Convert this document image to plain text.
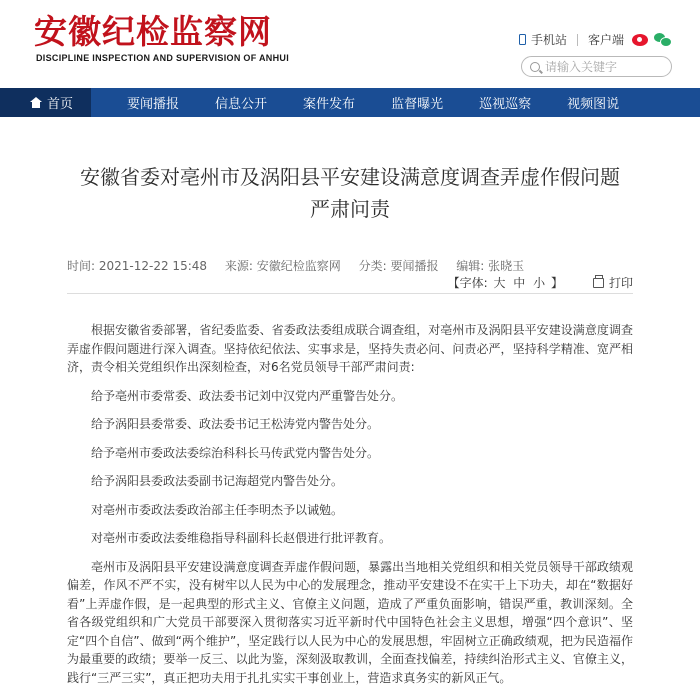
安徽纪检监察网
DISCIPLINE INSPECTION AND SUPERVISION OF ANHUI
手机站 客户端
请输入关键字
首页	要闻播报	信息公开	案件发布	监督曝光	巡视巡察	视频图说
安徽省委对亳州市及涡阳县平安建设满意度调查弄虚作假问题
严肃问责
时间: 2021-12-22 15:48 来源: 安徽纪检监察网 分类: 要闻播报 编辑: 张晓玉
【字体: 大 中 小 】	打印

根据安徽省委部署，省纪委监委、省委政法委组成联合调查组，对亳州市及涡阳县平安建设满意度调查弄虚作假问题进行深入调查。坚持依纪依法、实事求是，坚持失责必问、问责必严，坚持科学精准、宽严相济，责令相关党组织作出深刻检查，对6名党员领导干部严肃问责:

给予亳州市委常委、政法委书记刘中汉党内严重警告处分。

给予涡阳县委常委、政法委书记王松涛党内警告处分。

给予亳州市委政法委综治科科长马传武党内警告处分。

给予涡阳县委政法委副书记海超党内警告处分。

对亳州市委政法委政治部主任李明杰予以诫勉。

对亳州市委政法委维稳指导科副科长赵偎进行批评教育。

亳州市及涡阳县平安建设满意度调查弄虚作假问题，暴露出当地相关党组织和相关党员领导干部政绩观偏差，作风不严不实，没有树牢以人民为中心的发展理念，推动平安建设不在实干上下功夫，却在“数据好看”上弄虚作假，是一起典型的形式主义、官僚主义问题，造成了严重负面影响，错误严重，教训深刻。全省各级党组织和广大党员干部要深入贯彻落实习近平新时代中国特色社会主义思想，增强“四个意识”、坚定“四个自信”、做到“两个维护”，坚定践行以人民为中心的发展思想，牢固树立正确政绩观，把为民造福作为最重要的政绩；要举一反三、以此为鉴，深刻汲取教训，全面查找偏差，持续纠治形式主义、官僚主义，践行“三严三实”，真正把功夫用于扎扎实实干事创业上，营造求真务实的新风正气。
